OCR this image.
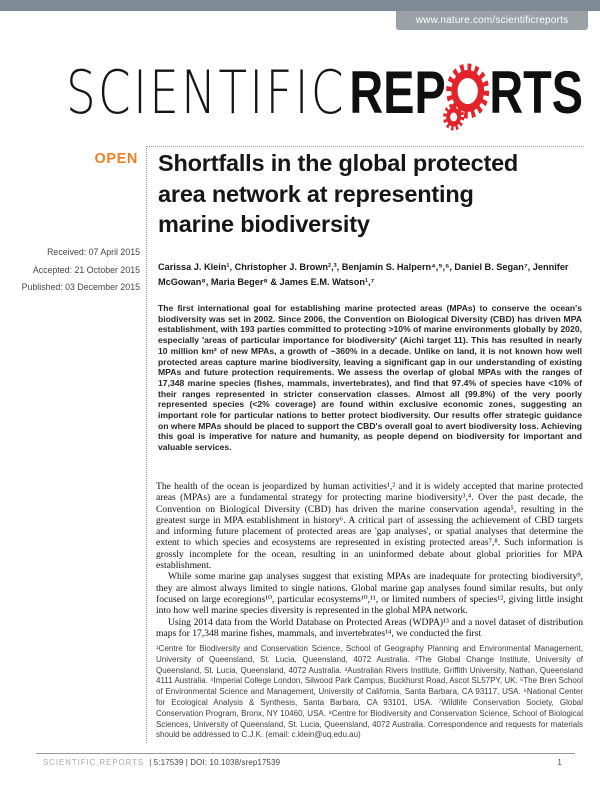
www.nature.com/scientificreports
SCIENTIFIC REP RTS
OPEN Shortfalls in the global protected
area network at representing
marine biodiversity
Received: 07 April 2015
Accepted: 21 October 2015
Published: 03 December 2015
Carissa J. Klein¹, Christopher J. Brown²,³, Benjamin S. Halpern⁴,⁵,⁶, Daniel B. Segan⁷, Jennifer McGowan⁸, Maria Beger⁸ & James E.M. Watson¹,⁷
The first international goal for establishing marine protected areas (MPAs) to conserve the ocean's biodiversity was set in 2002. Since 2006, the Convention on Biological Diversity (CBD) has driven MPA establishment, with 193 parties committed to protecting >10% of marine environments globally by 2020, especially 'areas of particular importance for biodiversity' (Aichi target 11). This has resulted in nearly 10 million km² of new MPAs, a growth of ~360% in a decade. Unlike on land, it is not known how well protected areas capture marine biodiversity, leaving a significant gap in our understanding of existing MPAs and future protection requirements. We assess the overlap of global MPAs with the ranges of 17,348 marine species (fishes, mammals, invertebrates), and find that 97.4% of species have <10% of their ranges represented in stricter conservation classes. Almost all (99.8%) of the very poorly represented species (<2% coverage) are found within exclusive economic zones, suggesting an important role for particular nations to better protect biodiversity. Our results offer strategic guidance on where MPAs should be placed to support the CBD's overall goal to avert biodiversity loss. Achieving this goal is imperative for nature and humanity, as people depend on biodiversity for important and valuable services.

The health of the ocean is jeopardized by human activities¹,² and it is widely accepted that marine protected areas (MPAs) are a fundamental strategy for protecting marine biodiversity³,⁴. Over the past decade, the Convention on Biological Diversity (CBD) has driven the marine conservation agenda⁵, resulting in the greatest surge in MPA establishment in history⁶. A critical part of assessing the achievement of CBD targets and informing future placement of protected areas are 'gap analyses', or spatial analyses that determine the extent to which species and ecosystems are represented in existing protected areas⁷,⁸. Such information is grossly incomplete for the ocean, resulting in an uninformed debate about global priorities for MPA establishment.

While some marine gap analyses suggest that existing MPAs are inadequate for protecting biodiversity⁹, they are almost always limited to single nations. Global marine gap analyses found similar results, but only focused on large ecoregions¹⁰, particular ecosystems¹⁰,¹¹, or limited numbers of species¹², giving little insight into how well marine species diversity is represented in the global MPA network.

Using 2014 data from the World Database on Protected Areas (WDPA)¹³ and a novel dataset of distribution maps for 17,348 marine fishes, mammals, and invertebrates¹⁴, we conducted the first

¹Centre for Biodiversity and Conservation Science, School of Geography Planning and Environmental Management, University of Queensland, St. Lucia, Queensland, 4072 Australia. ²The Global Change Institute, University of Queensland, St. Lucia, Queensland, 4072 Australia. ³Australian Rivers Institute, Griffith University, Nathan, Queensland 4111 Australia. ⁴Imperial College London, Silwood Park Campus, Buckhurst Road, Ascot SL57PY, UK. ⁵The Bren School of Environmental Science and Management, University of California, Santa Barbara, CA 93117, USA. ⁶National Center for Ecological Analysis & Synthesis, Santa Barbara, CA 93101, USA. ⁷Wildlife Conservation Society, Global Conservation Program, Bronx, NY 10460, USA. ⁸Centre for Biodiversity and Conservation Science, School of Biological Sciences, University of Queensland, St. Lucia, Queensland, 4072 Australia. Correspondence and requests for materials should be addressed to C.J.K. (email: c.klein@uq.edu.au)
SCIENTIFIC REPORTS | 5:17539 | DOI: 10.1038/srep17539	1
